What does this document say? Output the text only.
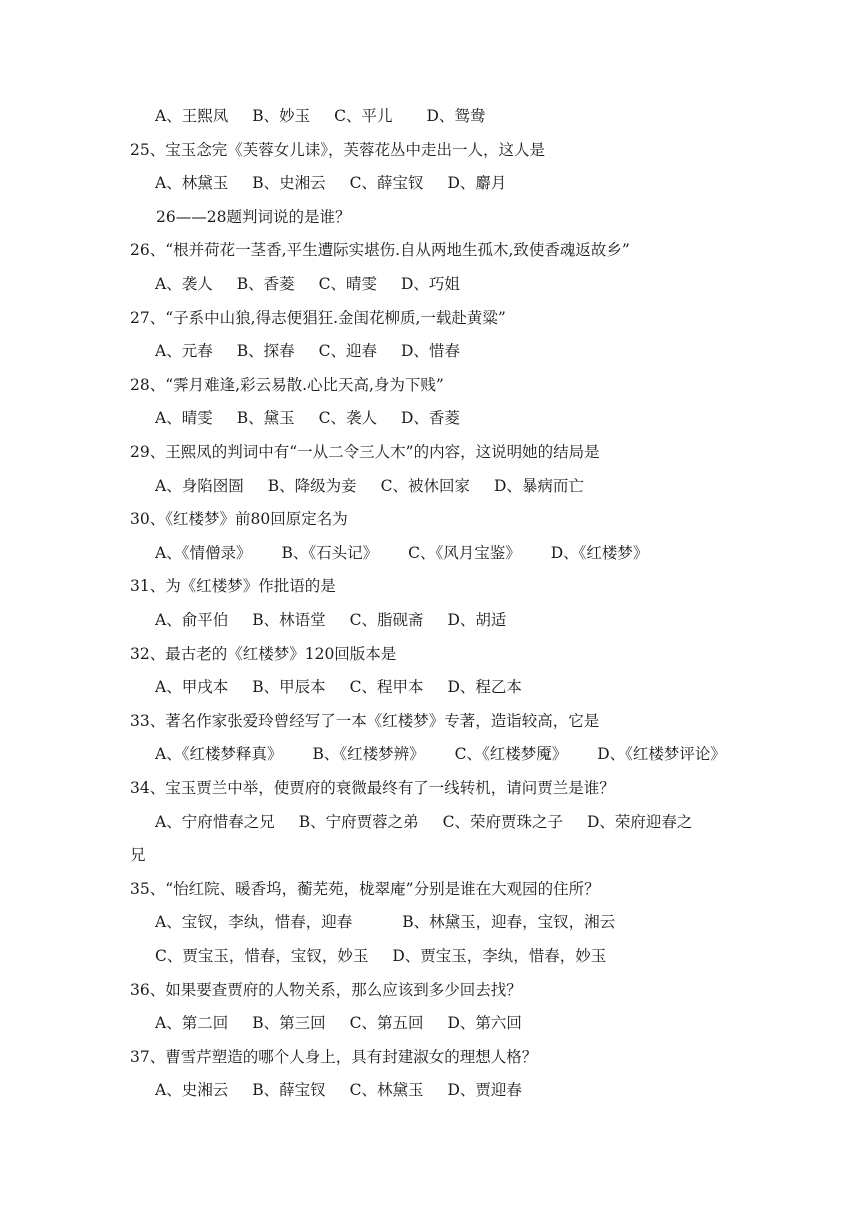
A、王熙凤 B、妙玉 C、平儿 D、鸳鸯
25、宝玉念完《芙蓉女儿诔》，芙蓉花丛中走出一人，这人是
A、林黛玉 B、史湘云 C、薛宝钗 D、麝月
26——28题判词说的是谁？
26、“根并荷花一茎香,平生遭际实堪伤.自从两地生孤木,致使香魂返故乡”
A、袭人 B、香菱 C、晴雯 D、巧姐
27、“子系中山狼,得志便猖狂.金闺花柳质,一载赴黄粱”
A、元春 B、探春 C、迎春 D、惜春
28、“霁月难逢,彩云易散.心比天高,身为下贱”
A、晴雯 B、黛玉 C、袭人 D、香菱
29、王熙凤的判词中有“一从二令三人木”的内容，这说明她的结局是
A、身陷囹圄 B、降级为妾 C、被休回家 D、暴病而亡
30、《红楼梦》前80回原定名为
A、《情僧录》 B、《石头记》 C、《风月宝鉴》 D、《红楼梦》
31、为《红楼梦》作批语的是
A、俞平伯 B、林语堂 C、脂砚斋 D、胡适
32、最古老的《红楼梦》120回版本是
A、甲戌本 B、甲辰本 C、程甲本 D、程乙本
33、著名作家张爱玲曾经写了一本《红楼梦》专著，造诣较高，它是
A、《红楼梦释真》 B、《红楼梦辨》 C、《红楼梦魇》 D、《红楼梦评论》
34、宝玉贾兰中举，使贾府的衰微最终有了一线转机，请问贾兰是谁？
A、宁府惜春之兄 B、宁府贾蓉之弟 C、荣府贾珠之子 D、荣府迎春之
兄
35、“怡红院、暖香坞，蘅芜苑，栊翠庵”分别是谁在大观园的住所？
A、宝钗，李纨，惜春，迎春	B、林黛玉，迎春，宝钗，湘云
C、贾宝玉，惜春，宝钗，妙玉 D、贾宝玉，李纨，惜春，妙玉
36、如果要查贾府的人物关系，那么应该到多少回去找？
A、第二回 B、第三回 C、第五回 D、第六回
37、曹雪芹塑造的哪个人身上，具有封建淑女的理想人格？
A、史湘云 B、薛宝钗 C、林黛玉 D、贾迎春
